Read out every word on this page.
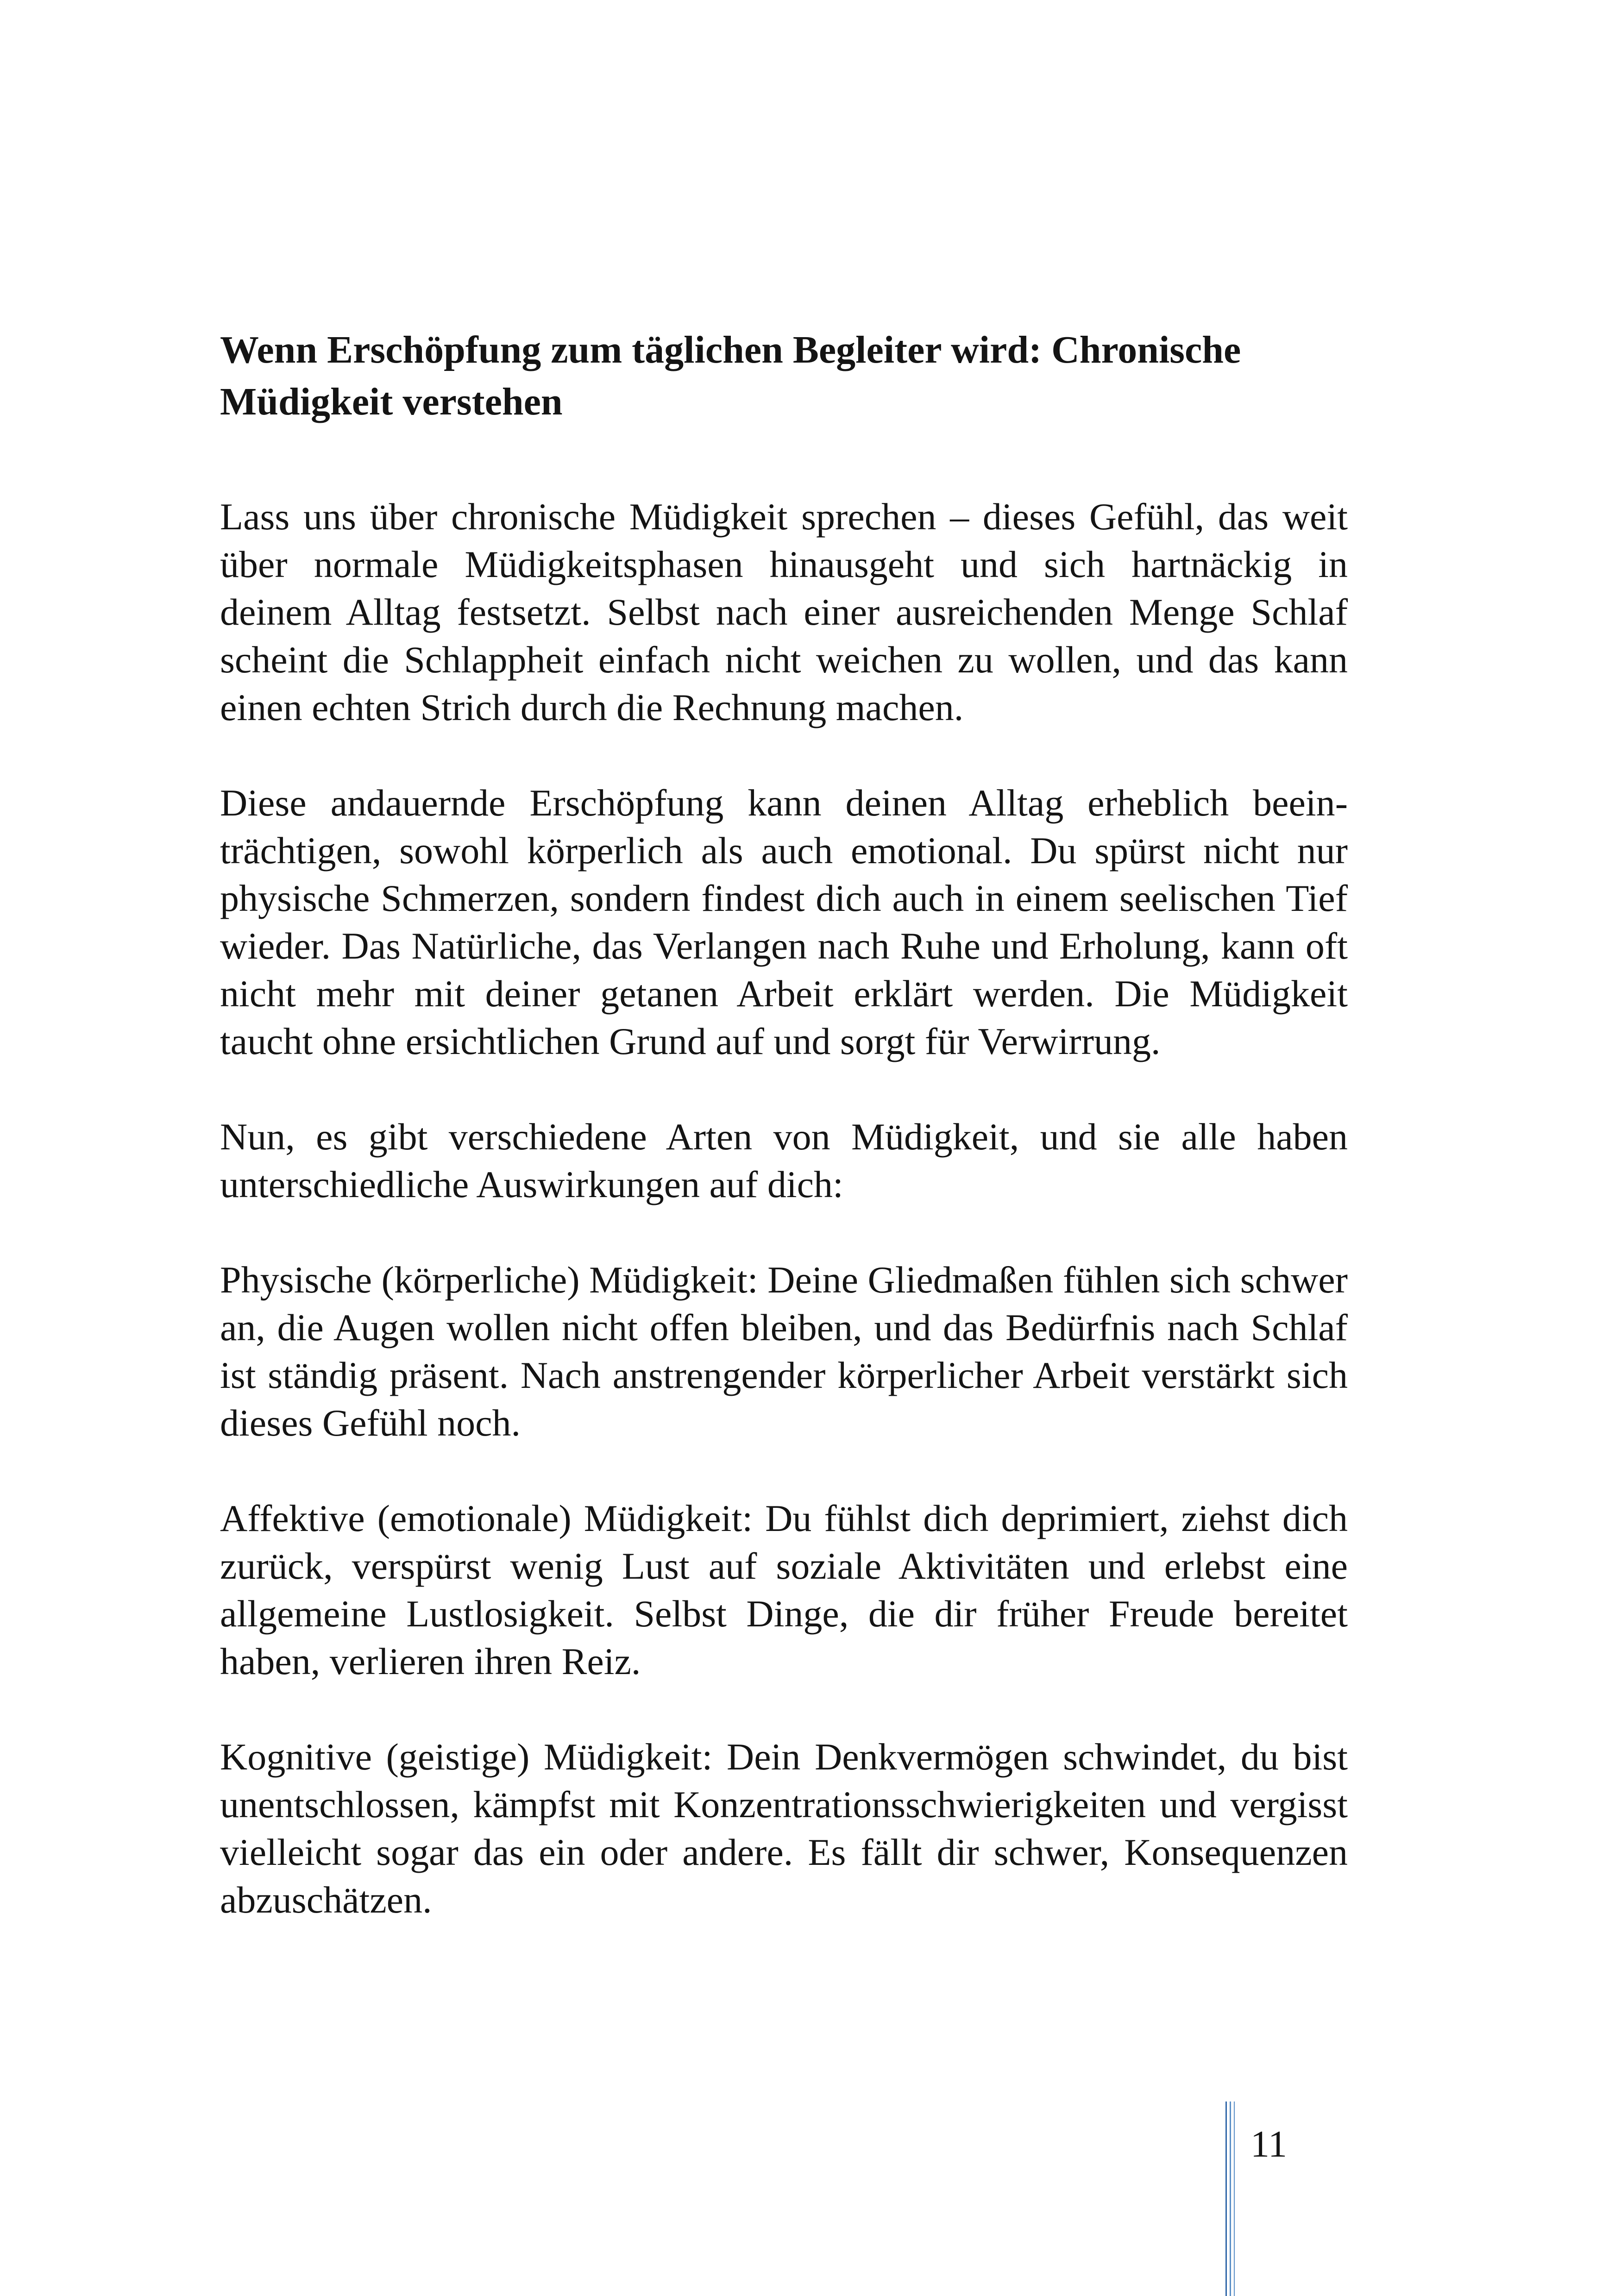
Wenn Erschöpfung zum täglichen Begleiter wird: Chronische Müdigkeit verstehen

Lass uns über chronische Müdigkeit sprechen – dieses Gefühl, das weit über normale Müdigkeitsphasen hinausgeht und sich hartnäckig in deinem Alltag festsetzt. Selbst nach einer ausreichenden Menge Schlaf scheint die Schlappheit einfach nicht weichen zu wollen, und das kann einen echten Strich durch die Rechnung machen.

Diese andauernde Erschöpfung kann deinen Alltag erheblich beeinträchtigen, sowohl körperlich als auch emotional. Du spürst nicht nur physische Schmerzen, sondern findest dich auch in einem seelischen Tief wieder. Das Natürliche, das Verlangen nach Ruhe und Erholung, kann oft nicht mehr mit deiner getanen Arbeit erklärt werden. Die Müdigkeit taucht ohne ersichtlichen Grund auf und sorgt für Verwirrung.

Nun, es gibt verschiedene Arten von Müdigkeit, und sie alle haben unterschiedliche Auswirkungen auf dich:

Physische (körperliche) Müdigkeit: Deine Gliedmaßen fühlen sich schwer an, die Augen wollen nicht offen bleiben, und das Bedürfnis nach Schlaf ist ständig präsent. Nach anstrengender körperlicher Arbeit verstärkt sich dieses Gefühl noch.

Affektive (emotionale) Müdigkeit: Du fühlst dich deprimiert, ziehst dich zurück, verspürst wenig Lust auf soziale Aktivitäten und erlebst eine allgemeine Lustlosigkeit. Selbst Dinge, die dir früher Freude bereitet haben, verlieren ihren Reiz.

Kognitive (geistige) Müdigkeit: Dein Denkvermögen schwindet, du bist unentschlossen, kämpfst mit Konzentrationsschwierigkeiten und vergisst vielleicht sogar das ein oder andere. Es fällt dir schwer, Konsequenzen abzuschätzen.

11
